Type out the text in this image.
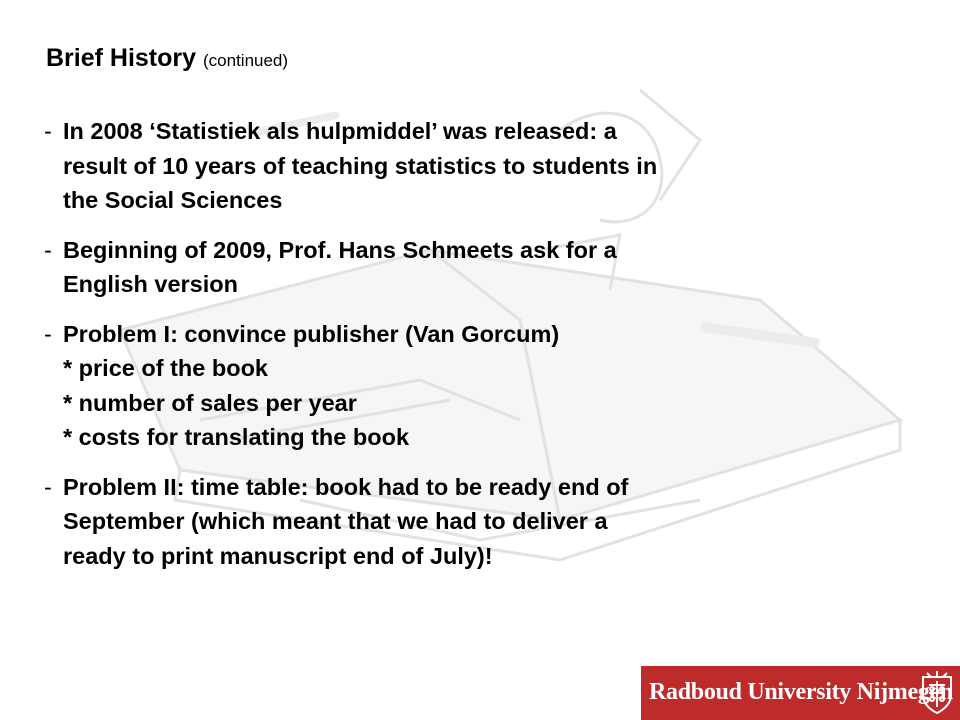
Brief History (continued)
- In 2008 ‘Statistiek als hulpmiddel’ was released: a
result of 10 years of teaching statistics to students in
the Social Sciences
- Beginning of 2009, Prof. Hans Schmeets ask for a
English version
- Problem I: convince publisher (Van Gorcum)
* price of the book
* number of sales per year
* costs for translating the book
- Problem II: time table: book had to be ready end of
September (which meant that we had to deliver a
ready to print manuscript end of July)!
Radboud University Nijmegen
